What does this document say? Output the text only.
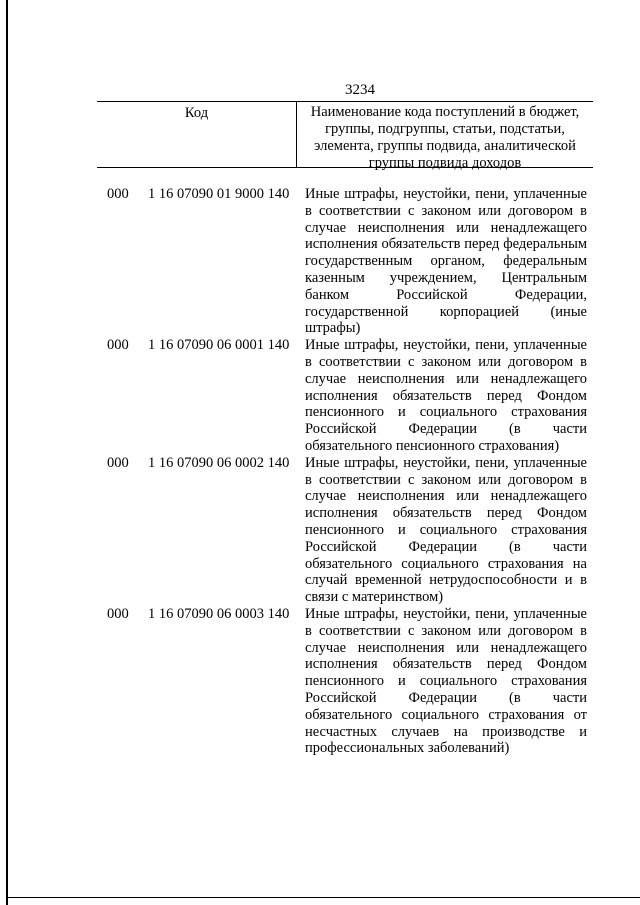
3234
Код	Наименование кода поступлений в бюджет, группы, подгруппы, статьи, подстатьи, элемента, группы подвида, аналитической группы подвида доходов
000 1 16 07090 01 9000 140 Иные штрафы, неустойки, пени, уплаченные в соответствии с законом или договором в случае неисполнения или ненадлежащего исполнения обязательств перед федеральным государственным органом, федеральным казенным учреждением, Центральным банком Российской Федерации, государственной корпорацией (иные штрафы)
000 1 16 07090 06 0001 140 Иные штрафы, неустойки, пени, уплаченные в соответствии с законом или договором в случае неисполнения или ненадлежащего исполнения обязательств перед Фондом пенсионного и социального страхования Российской Федерации (в части обязательного пенсионного страхования)
000 1 16 07090 06 0002 140 Иные штрафы, неустойки, пени, уплаченные в соответствии с законом или договором в случае неисполнения или ненадлежащего исполнения обязательств перед Фондом пенсионного и социального страхования Российской Федерации (в части обязательного социального страхования на случай временной нетрудоспособности и в связи с материнством)
000 1 16 07090 06 0003 140 Иные штрафы, неустойки, пени, уплаченные в соответствии с законом или договором в случае неисполнения или ненадлежащего исполнения обязательств перед Фондом пенсионного и социального страхования Российской Федерации (в части обязательного социального страхования от несчастных случаев на производстве и профессиональных заболеваний)
